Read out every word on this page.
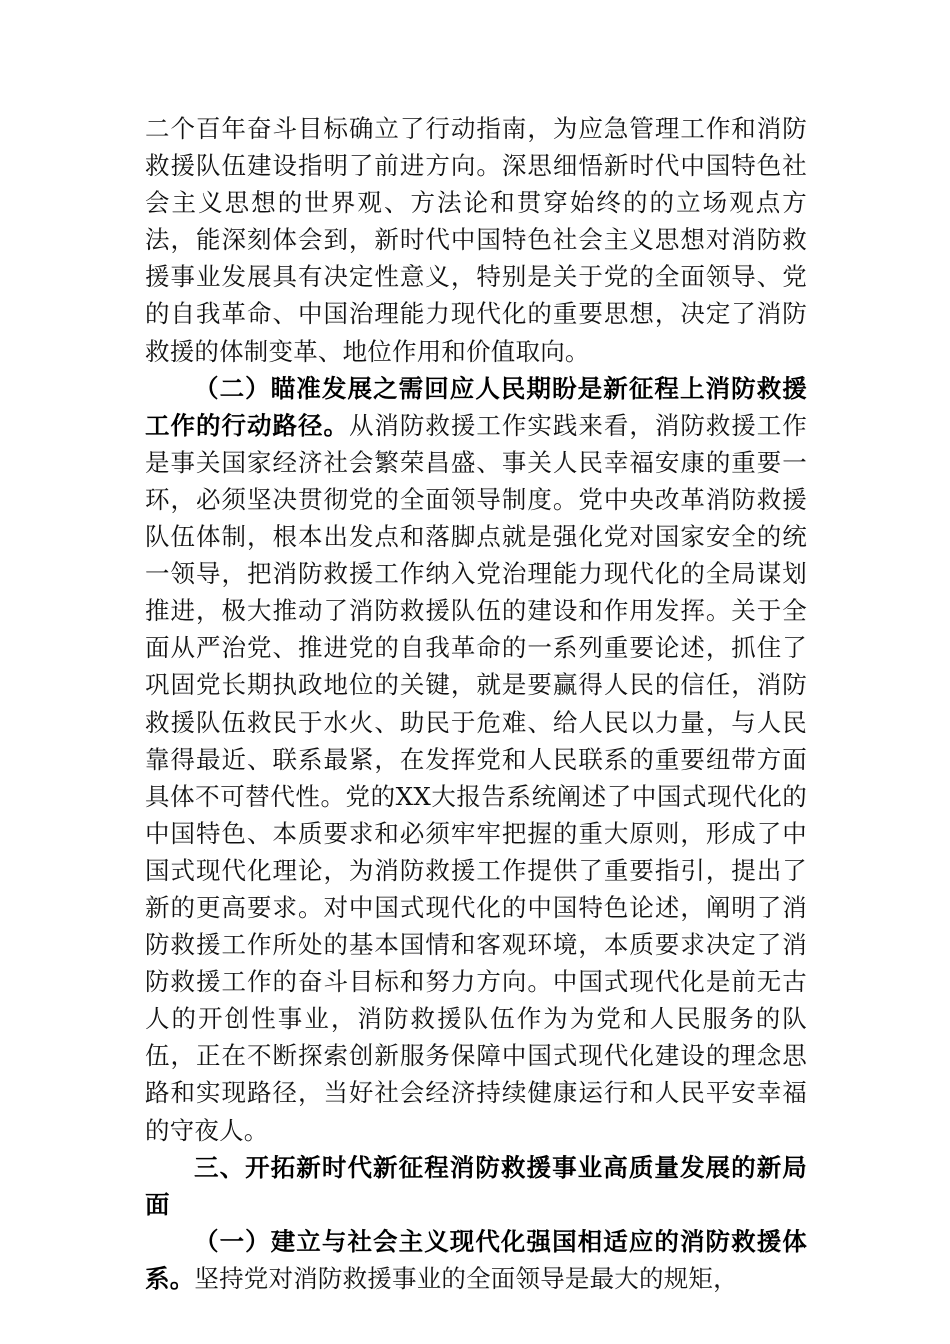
二个百年奋斗目标确立了行动指南，为应急管理工作和消防救援队伍建设指明了前进方向。深思细悟新时代中国特色社会主义思想的世界观、方法论和贯穿始终的的立场观点方法，能深刻体会到，新时代中国特色社会主义思想对消防救援事业发展具有决定性意义，特别是关于党的全面领导、党的自我革命、中国治理能力现代化的重要思想，决定了消防救援的体制变革、地位作用和价值取向。

（二）瞄准发展之需回应人民期盼是新征程上消防救援工作的行动路径。从消防救援工作实践来看，消防救援工作是事关国家经济社会繁荣昌盛、事关人民幸福安康的重要一环，必须坚决贯彻党的全面领导制度。党中央改革消防救援队伍体制，根本出发点和落脚点就是强化党对国家安全的统一领导，把消防救援工作纳入党治理能力现代化的全局谋划推进，极大推动了消防救援队伍的建设和作用发挥。关于全面从严治党、推进党的自我革命的一系列重要论述，抓住了巩固党长期执政地位的关键，就是要赢得人民的信任，消防救援队伍救民于水火、助民于危难、给人民以力量，与人民靠得最近、联系最紧，在发挥党和人民联系的重要纽带方面具体不可替代性。党的XX大报告系统阐述了中国式现代化的中国特色、本质要求和必须牢牢把握的重大原则，形成了中国式现代化理论，为消防救援工作提供了重要指引，提出了新的更高要求。对中国式现代化的中国特色论述，阐明了消防救援工作所处的基本国情和客观环境，本质要求决定了消防救援工作的奋斗目标和努力方向。中国式现代化是前无古人的开创性事业，消防救援队伍作为为党和人民服务的队伍，正在不断探索创新服务保障中国式现代化建设的理念思路和实现路径，当好社会经济持续健康运行和人民平安幸福的守夜人。

三、开拓新时代新征程消防救援事业高质量发展的新局面

（一）建立与社会主义现代化强国相适应的消防救援体系。坚持党对消防救援事业的全面领导是最大的规矩，
